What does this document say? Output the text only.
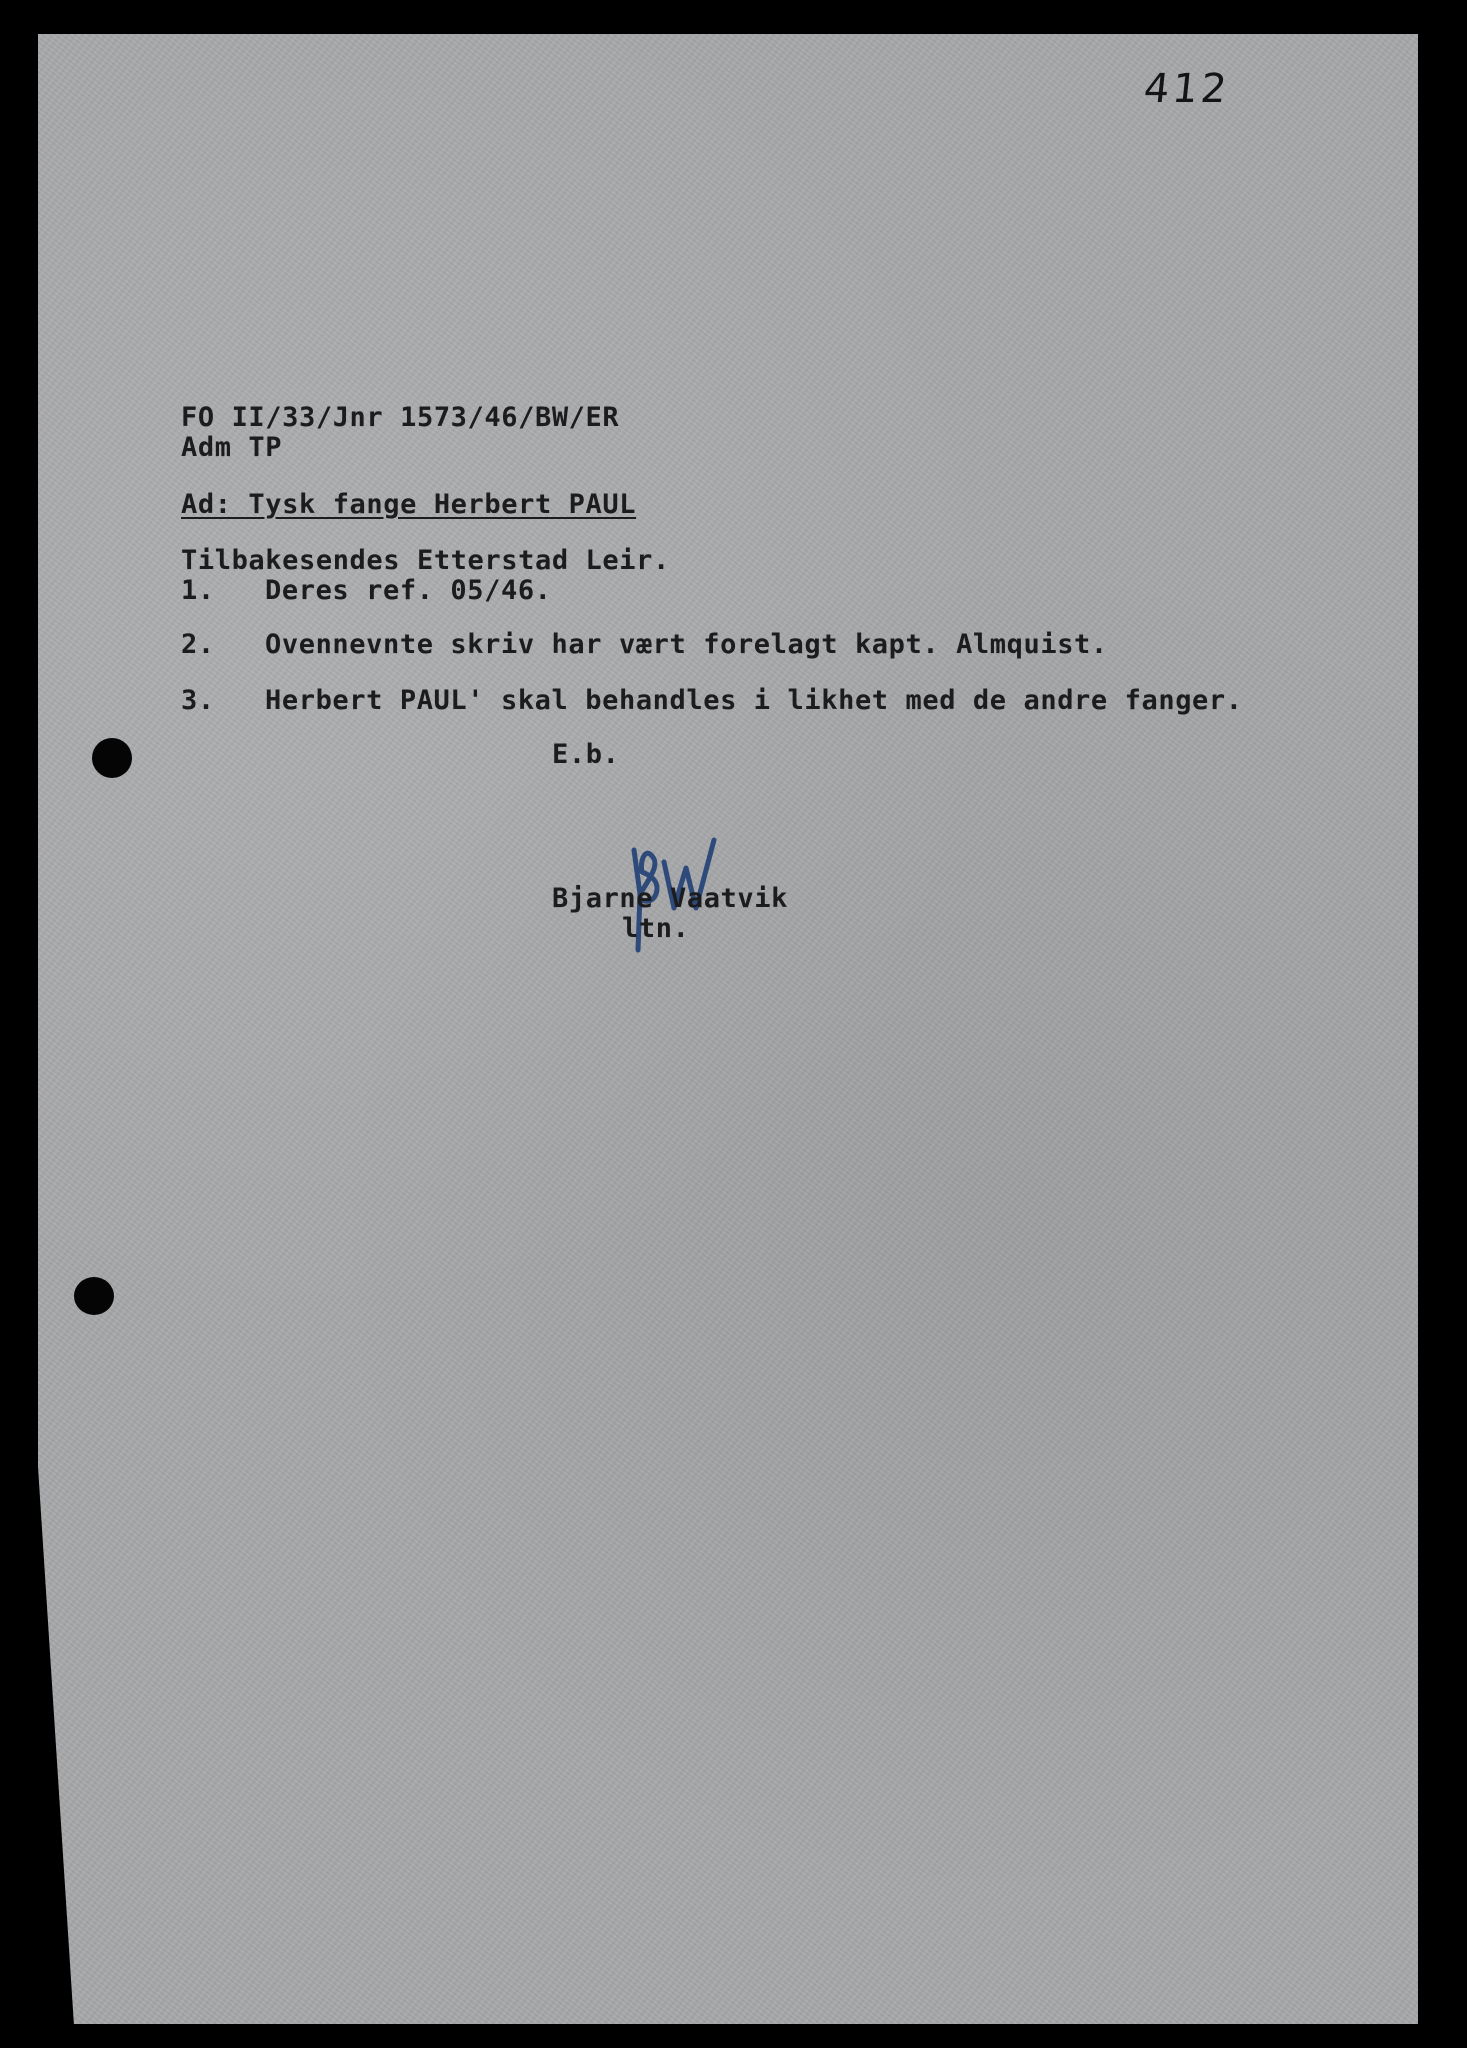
412
FO II/33/Jnr 1573/46/BW/ER
Adm TP
Ad: Tysk fange Herbert PAUL
Tilbakesendes Etterstad Leir.

1.

Deres ref. 05/46.

2.

Ovennevnte skriv har vært forelagt kapt. Almquist.

3.

Herbert PAUL' skal behandles i likhet med de andre fanger.

E.b.
Bjarne Vaatvik
ltn.
